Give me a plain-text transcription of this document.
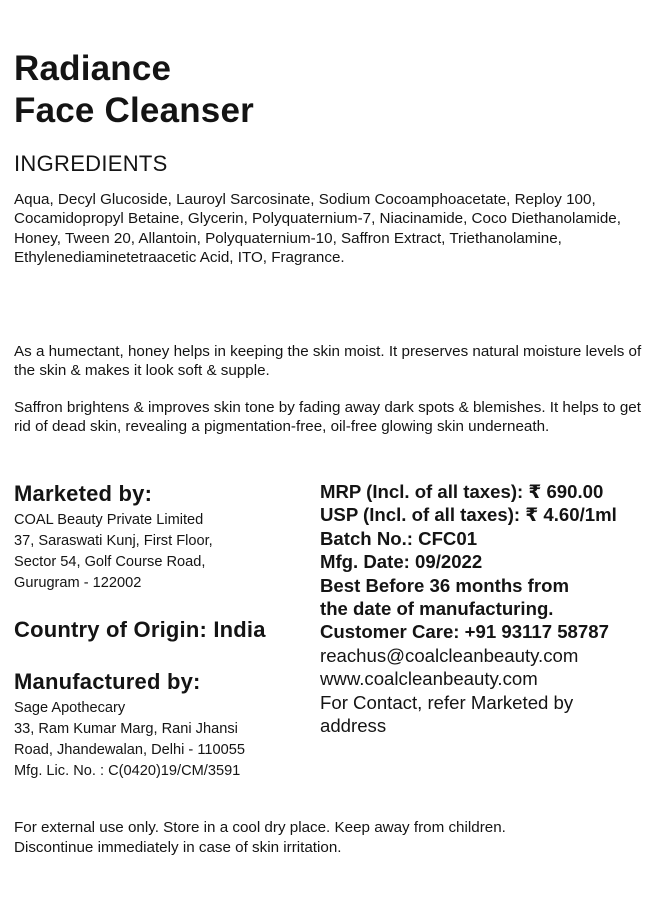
Radiance
Face Cleanser
INGREDIENTS

Aqua, Decyl Glucoside, Lauroyl Sarcosinate, Sodium Cocoamphoacetate, Reploy 100, Cocamidopropyl Betaine, Glycerin, Polyquaternium-7, Niacinamide, Coco Diethanolamide, Honey, Tween 20, Allantoin, Polyquaternium-10, Saffron Extract, Triethanolamine, Ethylenediaminetetraacetic Acid, ITO, Fragrance.

As a humectant, honey helps in keeping the skin moist. It preserves natural moisture levels of the skin & makes it look soft & supple.

Saffron brightens & improves skin tone by fading away dark spots & blemishes. It helps to get rid of dead skin, revealing a pigmentation-free, oil-free glowing skin underneath.

Marketed by:
COAL Beauty Private Limited
37, Saraswati Kunj, First Floor,
Sector 54, Golf Course Road,
Gurugram - 122002
Country of Origin: India
Manufactured by:
Sage Apothecary
33, Ram Kumar Marg, Rani Jhansi
Road, Jhandewalan, Delhi - 110055
Mfg. Lic. No. : C(0420)19/CM/3591
MRP (Incl. of all taxes): ₹ 690.00
USP (Incl. of all taxes): ₹ 4.60/1ml
Batch No.: CFC01
Mfg. Date: 09/2022
Best Before 36 months from
the date of manufacturing.
Customer Care: +91 93117 58787
reachus@coalcleanbeauty.com
www.coalcleanbeauty.com
For Contact, refer Marketed by
address
For external use only. Store in a cool dry place. Keep away from children.
Discontinue immediately in case of skin irritation.
